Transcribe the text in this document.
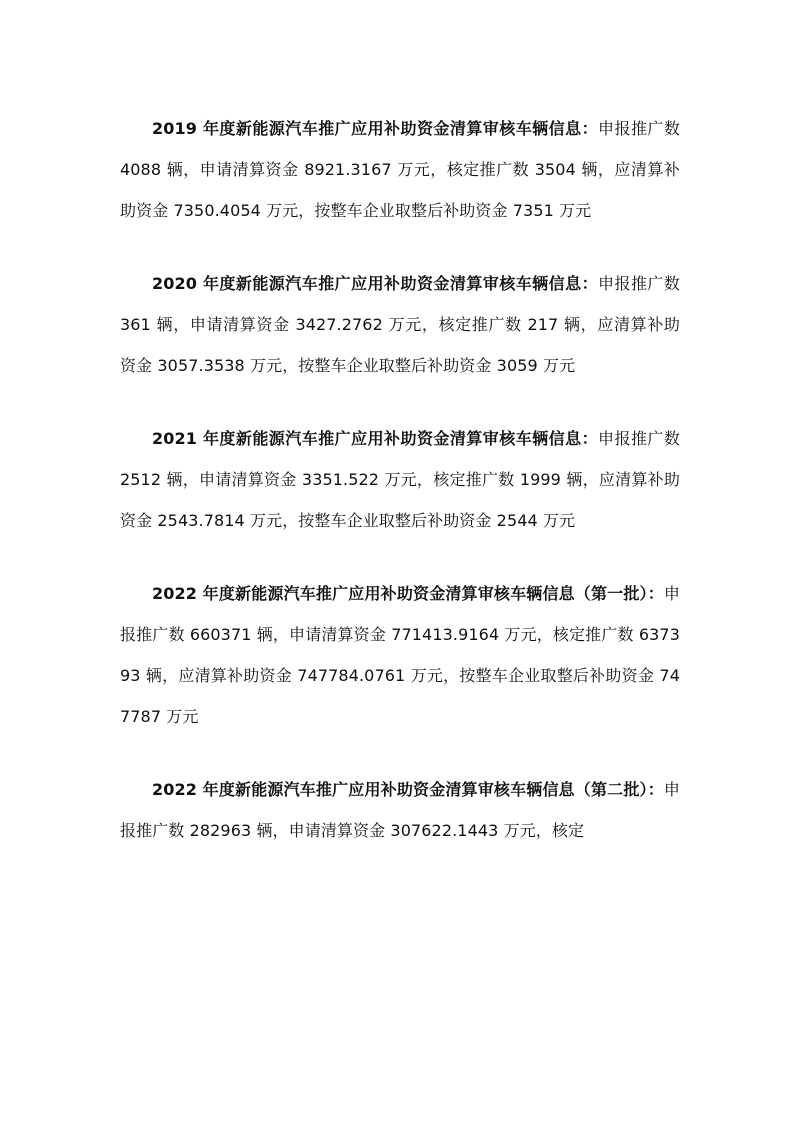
2019 年度新能源汽车推广应用补助资金清算审核车辆信息：申报推广数 4088 辆，申请清算资金 8921.3167 万元，核定推广数 3504 辆，应清算补助资金 7350.4054 万元，按整车企业取整后补助资金 7351 万元

2020 年度新能源汽车推广应用补助资金清算审核车辆信息：申报推广数 361 辆，申请清算资金 3427.2762 万元，核定推广数 217 辆，应清算补助资金 3057.3538 万元，按整车企业取整后补助资金 3059 万元

2021 年度新能源汽车推广应用补助资金清算审核车辆信息：申报推广数 2512 辆，申请清算资金 3351.522 万元，核定推广数 1999 辆，应清算补助资金 2543.7814 万元，按整车企业取整后补助资金 2544 万元

2022 年度新能源汽车推广应用补助资金清算审核车辆信息（第一批）：申报推广数 660371 辆，申请清算资金 771413.9164 万元，核定推广数 637393 辆，应清算补助资金 747784.0761 万元，按整车企业取整后补助资金 747787 万元

2022 年度新能源汽车推广应用补助资金清算审核车辆信息（第二批）：申报推广数 282963 辆，申请清算资金 307622.1443 万元，核定
